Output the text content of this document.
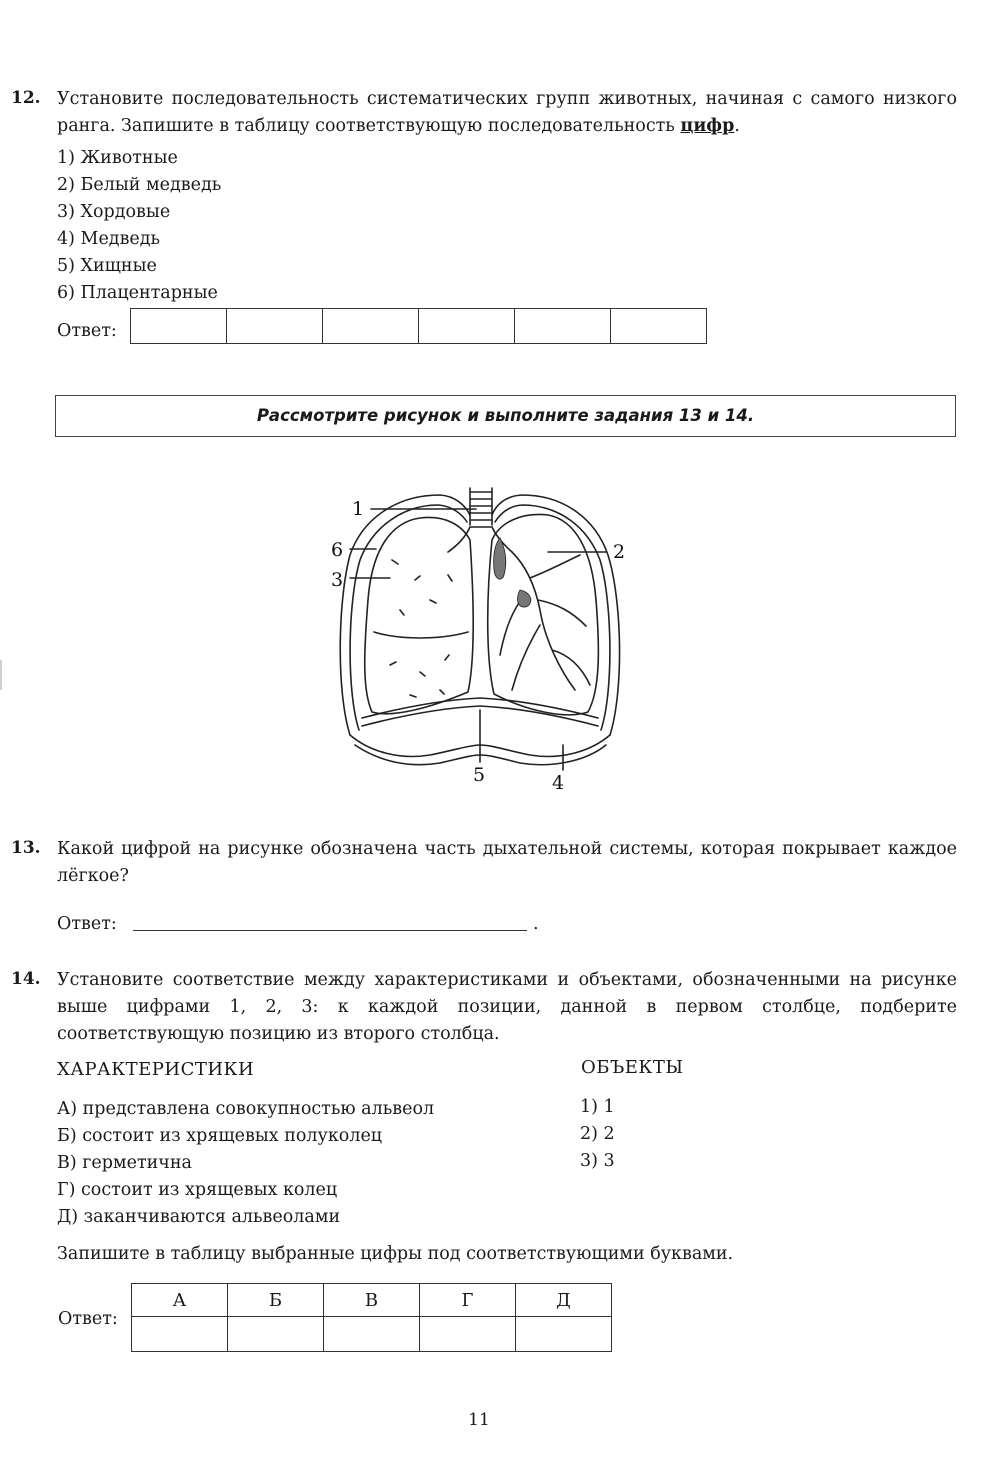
12. Установите последовательность систематических групп животных, начиная с самого низкого ранга. Запишите в таблицу соответствующую последовательность цифр.
1) Животные
2) Белый медведь
3) Хордовые
4) Медведь
5) Хищные
6) Плацентарные
Ответ:

Рассмотрите рисунок и выполните задания 13 и 14.
1
2
3
4
5
6
13. Какой цифрой на рисунке обозначена часть дыхательной системы, которая покрывает каждое лёгкое?
Ответ:	.
14. Установите соответствие между характеристиками и объектами, обозначенными на рисунке выше цифрами 1, 2, 3: к каждой позиции, данной в первом столбце, подберите соответствующую позицию из второго столбца.
ХАРАКТЕРИСТИКИ	ОБЪЕКТЫ
А) представлена совокупностью альвеол
Б) состоит из хрящевых полуколец
В) герметична
Г) состоит из хрящевых колец
Д) заканчиваются альвеолами
1) 1
2) 2
3) 3
Запишите в таблицу выбранные цифры под соответствующими буквами.
Ответ:
А	Б	В	Г	Д

11
